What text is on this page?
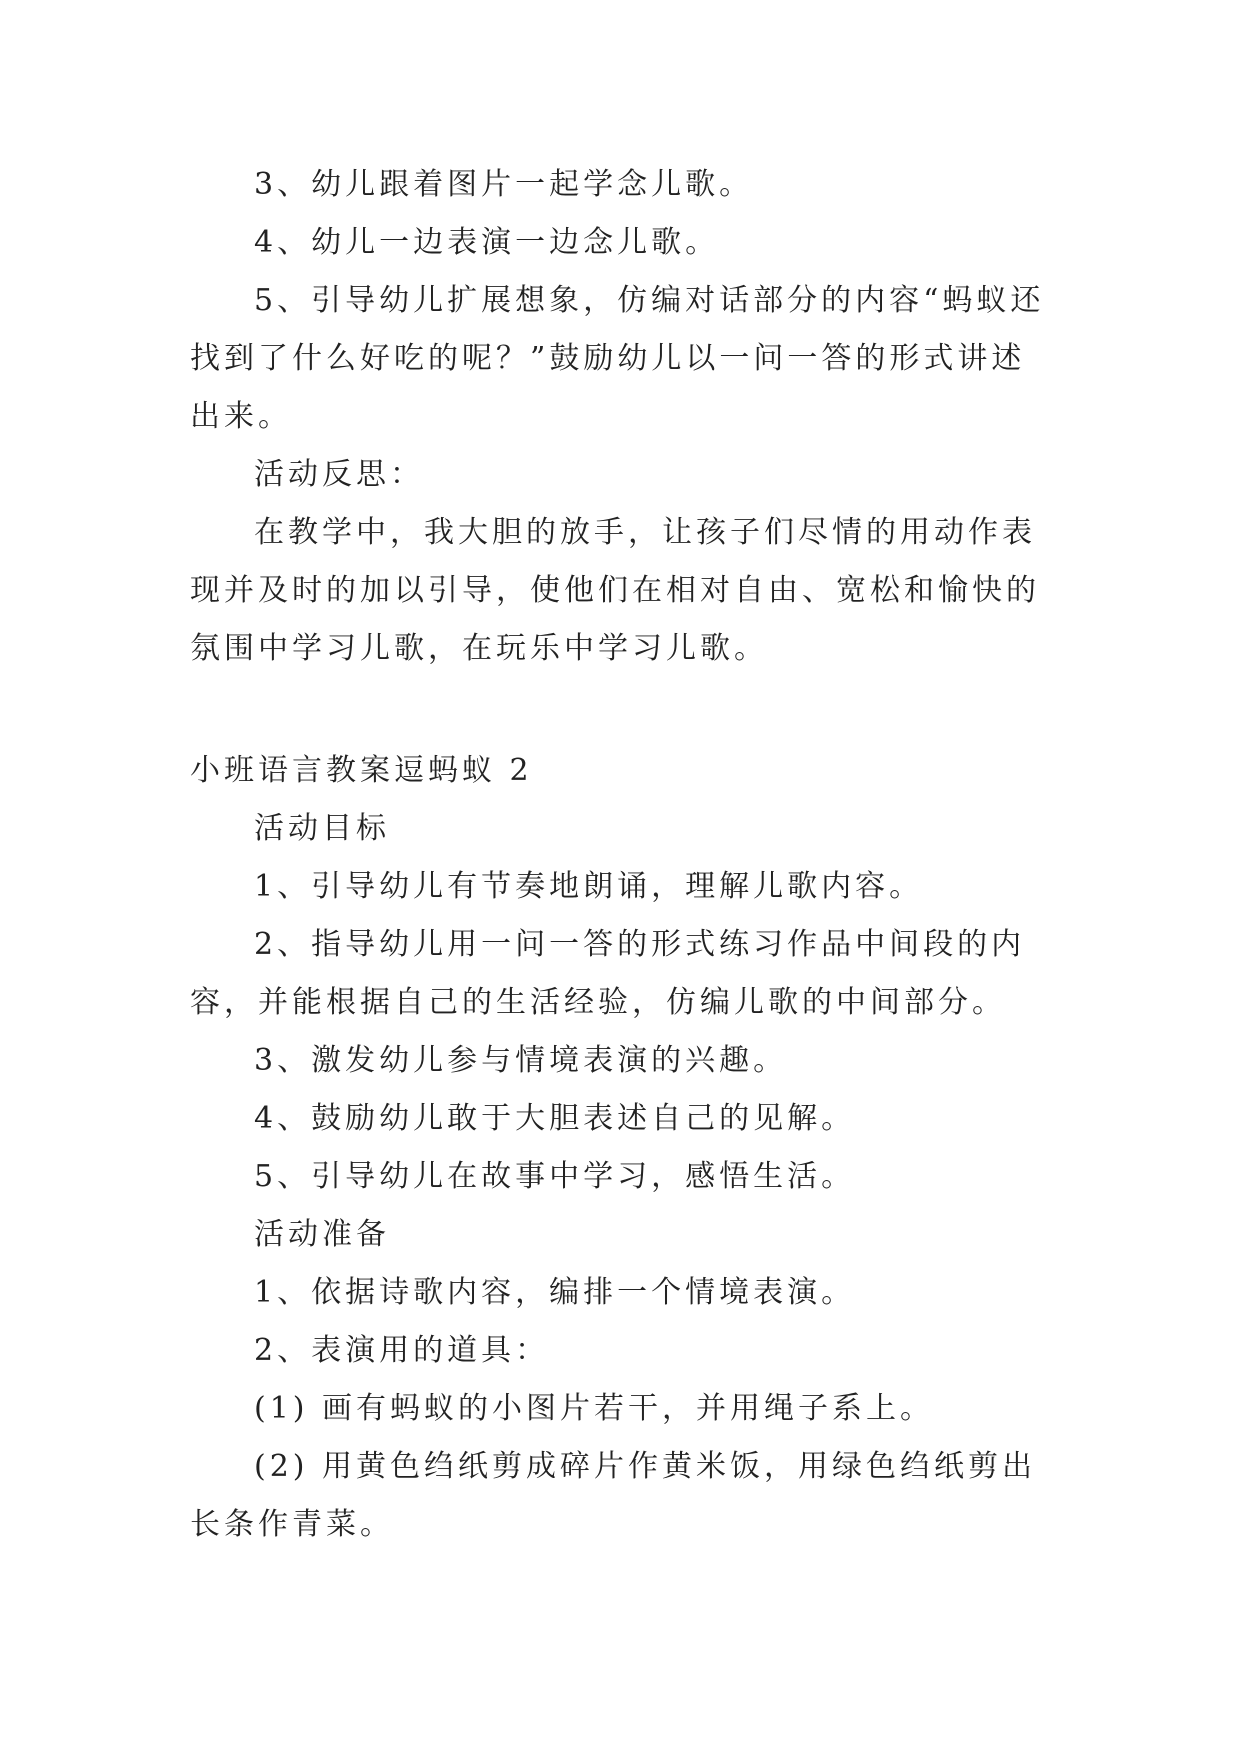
3、幼儿跟着图片一起学念儿歌。

4、幼儿一边表演一边念儿歌。

5、引导幼儿扩展想象，仿编对话部分的内容“蚂蚁还找到了什么好吃的呢？”鼓励幼儿以一问一答的形式讲述出来。

活动反思：

在教学中，我大胆的放手，让孩子们尽情的用动作表现并及时的加以引导，使他们在相对自由、宽松和愉快的氛围中学习儿歌，在玩乐中学习儿歌。

小班语言教案逗蚂蚁 2

活动目标

1、引导幼儿有节奏地朗诵，理解儿歌内容。

2、指导幼儿用一问一答的形式练习作品中间段的内容，并能根据自己的生活经验，仿编儿歌的中间部分。

3、激发幼儿参与情境表演的兴趣。

4、鼓励幼儿敢于大胆表述自己的见解。

5、引导幼儿在故事中学习，感悟生活。

活动准备

1、依据诗歌内容，编排一个情境表演。

2、表演用的道具：

(1) 画有蚂蚁的小图片若干，并用绳子系上。

(2) 用黄色绉纸剪成碎片作黄米饭，用绿色绉纸剪出长条作青菜。
